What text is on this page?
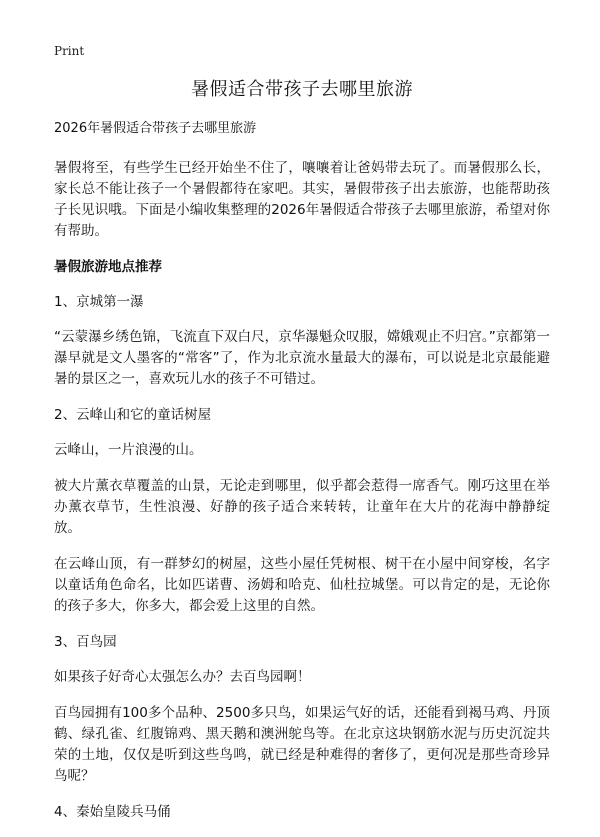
Print
暑假适合带孩子去哪里旅游
2026年暑假适合带孩子去哪里旅游

暑假将至，有些学生已经开始坐不住了，嚷嚷着让爸妈带去玩了。而暑假那么长，家长总不能让孩子一个暑假都待在家吧。其实，暑假带孩子出去旅游，也能帮助孩子长见识哦。下面是小编收集整理的2026年暑假适合带孩子去哪里旅游，希望对你有帮助。

暑假旅游地点推荐
1、京城第一瀑

“云蒙瀑乡绣色锦，飞流直下双白尺，京华瀑魁众叹服，嫦娥观止不归宫。”京都第一瀑早就是文人墨客的“常客”了，作为北京流水量最大的瀑布，可以说是北京最能避暑的景区之一，喜欢玩儿水的孩子不可错过。

2、云峰山和它的童话树屋

云峰山，一片浪漫的山。

被大片薰衣草覆盖的山景，无论走到哪里，似乎都会惹得一席香气。刚巧这里在举办薰衣草节，生性浪漫、好静的孩子适合来转转，让童年在大片的花海中静静绽放。

在云峰山顶，有一群梦幻的树屋，这些小屋任凭树根、树干在小屋中间穿梭，名字以童话角色命名，比如匹诺曹、汤姆和哈克、仙杜拉城堡。可以肯定的是，无论你的孩子多大，你多大，都会爱上这里的自然。

3、百鸟园

如果孩子好奇心太强怎么办？去百鸟园啊！

百鸟园拥有100多个品种、2500多只鸟，如果运气好的话，还能看到褐马鸡、丹顶鹤、绿孔雀、红腹锦鸡、黑天鹅和澳洲鸵鸟等。在北京这块钢筋水泥与历史沉淀共荣的土地，仅仅是听到这些鸟鸣，就已经是种难得的奢侈了，更何况是那些奇珍异鸟呢？

4、秦始皇陵兵马俑
